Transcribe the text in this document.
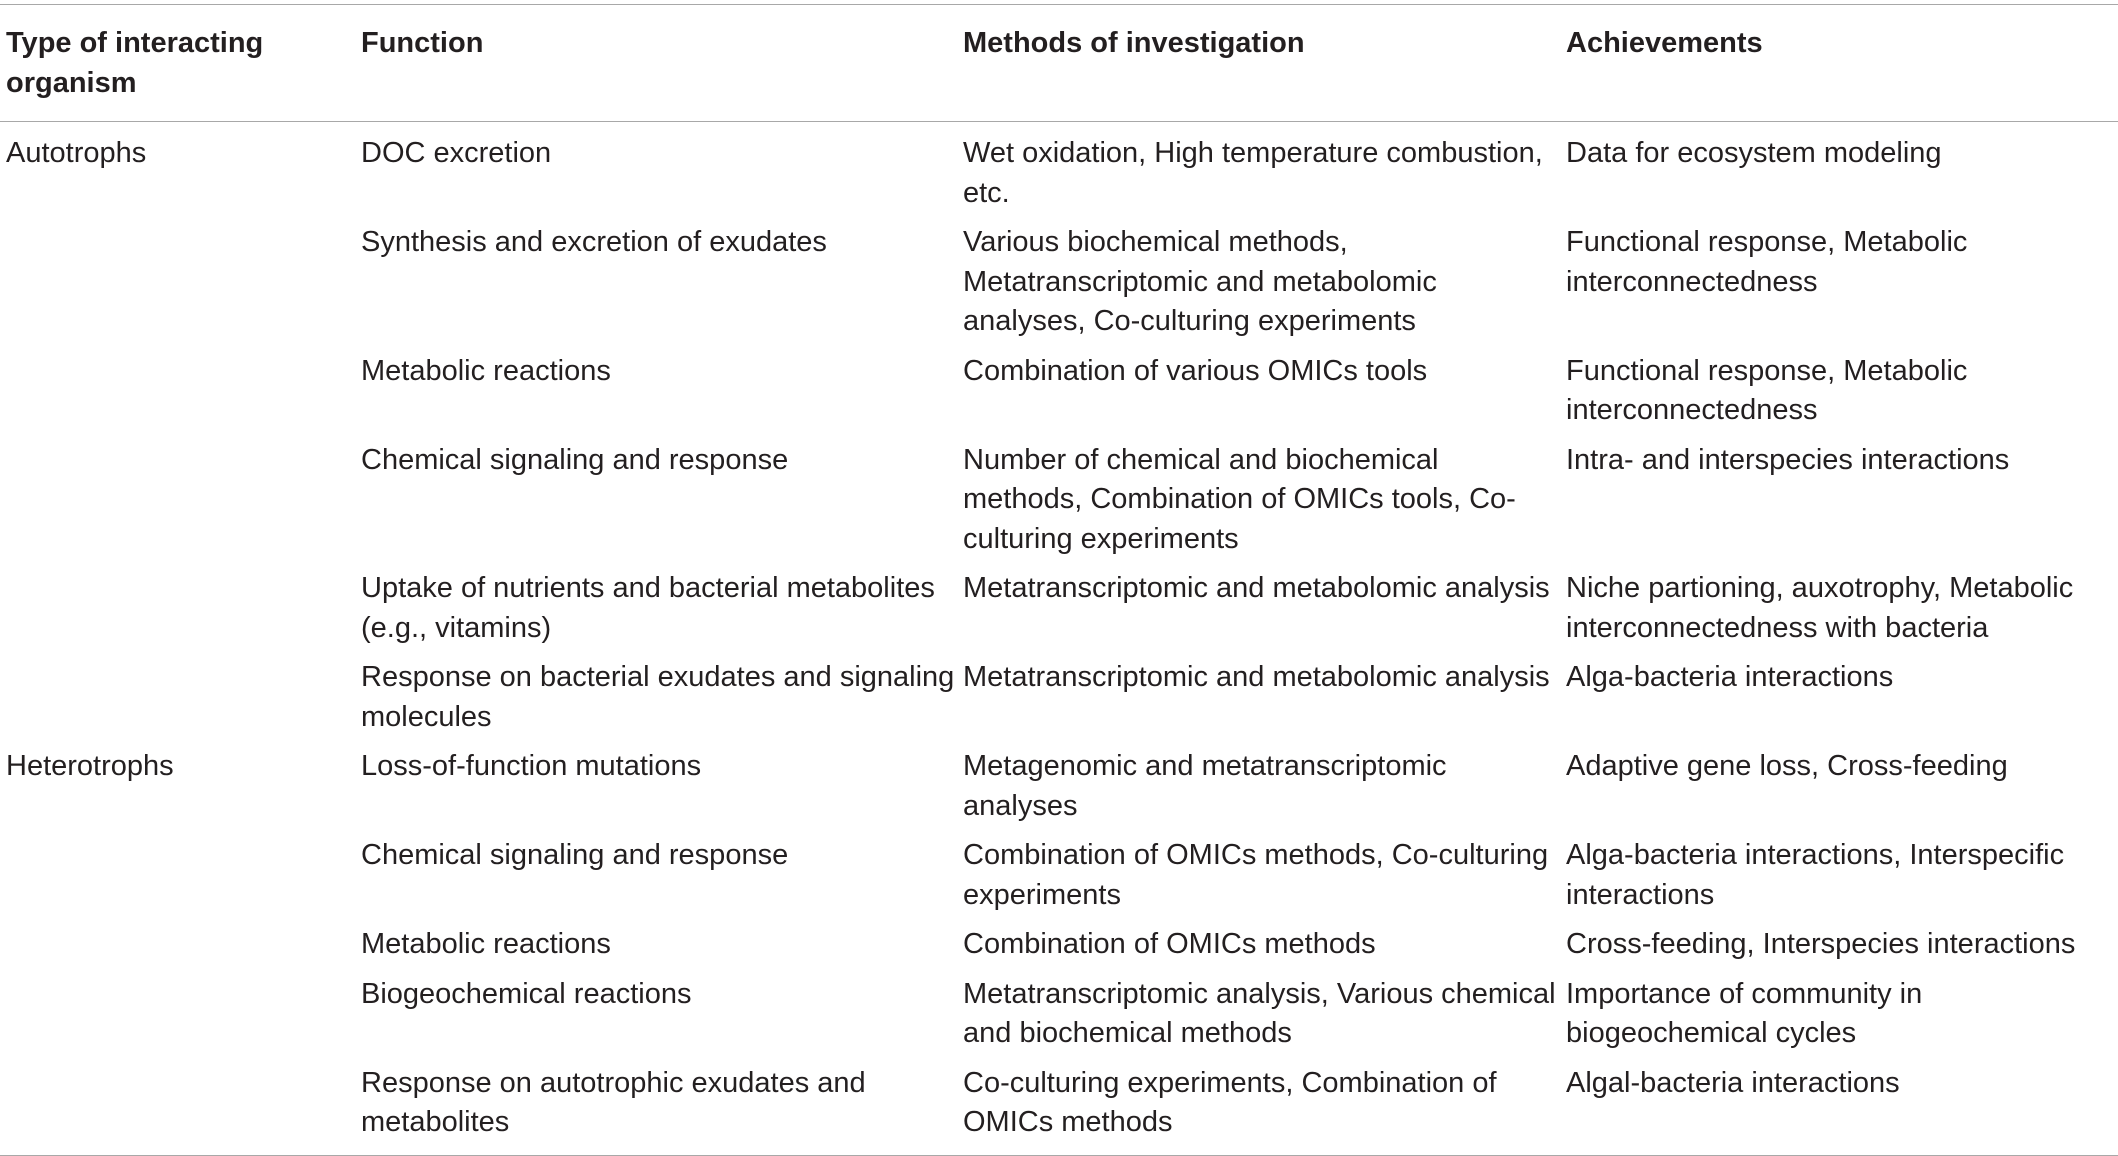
Type of interacting organism	Function	Methods of investigation	Achievements
Autotrophs	DOC excretion	Wet oxidation, High temperature combustion, etc.	Data for ecosystem modeling
	Synthesis and excretion of exudates	Various biochemical methods, Metatranscriptomic and metabolomic analyses, Co-culturing experiments	Functional response, Metabolic interconnectedness
	Metabolic reactions	Combination of various OMICs tools	Functional response, Metabolic interconnectedness
	Chemical signaling and response	Number of chemical and biochemical methods, Combination of OMICs tools, Co-culturing experiments	Intra- and interspecies interactions
	Uptake of nutrients and bacterial metabolites (e.g., vitamins)	Metatranscriptomic and metabolomic analysis	Niche partioning, auxotrophy, Metabolic interconnectedness with bacteria
	Response on bacterial exudates and signaling molecules	Metatranscriptomic and metabolomic analysis	Alga-bacteria interactions
Heterotrophs	Loss-of-function mutations	Metagenomic and metatranscriptomic analyses	Adaptive gene loss, Cross-feeding
	Chemical signaling and response	Combination of OMICs methods, Co-culturing experiments	Alga-bacteria interactions, Interspecific interactions
	Metabolic reactions	Combination of OMICs methods	Cross-feeding, Interspecies interactions
	Biogeochemical reactions	Metatranscriptomic analysis, Various chemical and biochemical methods	Importance of community in biogeochemical cycles
	Response on autotrophic exudates and metabolites	Co-culturing experiments, Combination of OMICs methods	Algal-bacteria interactions
